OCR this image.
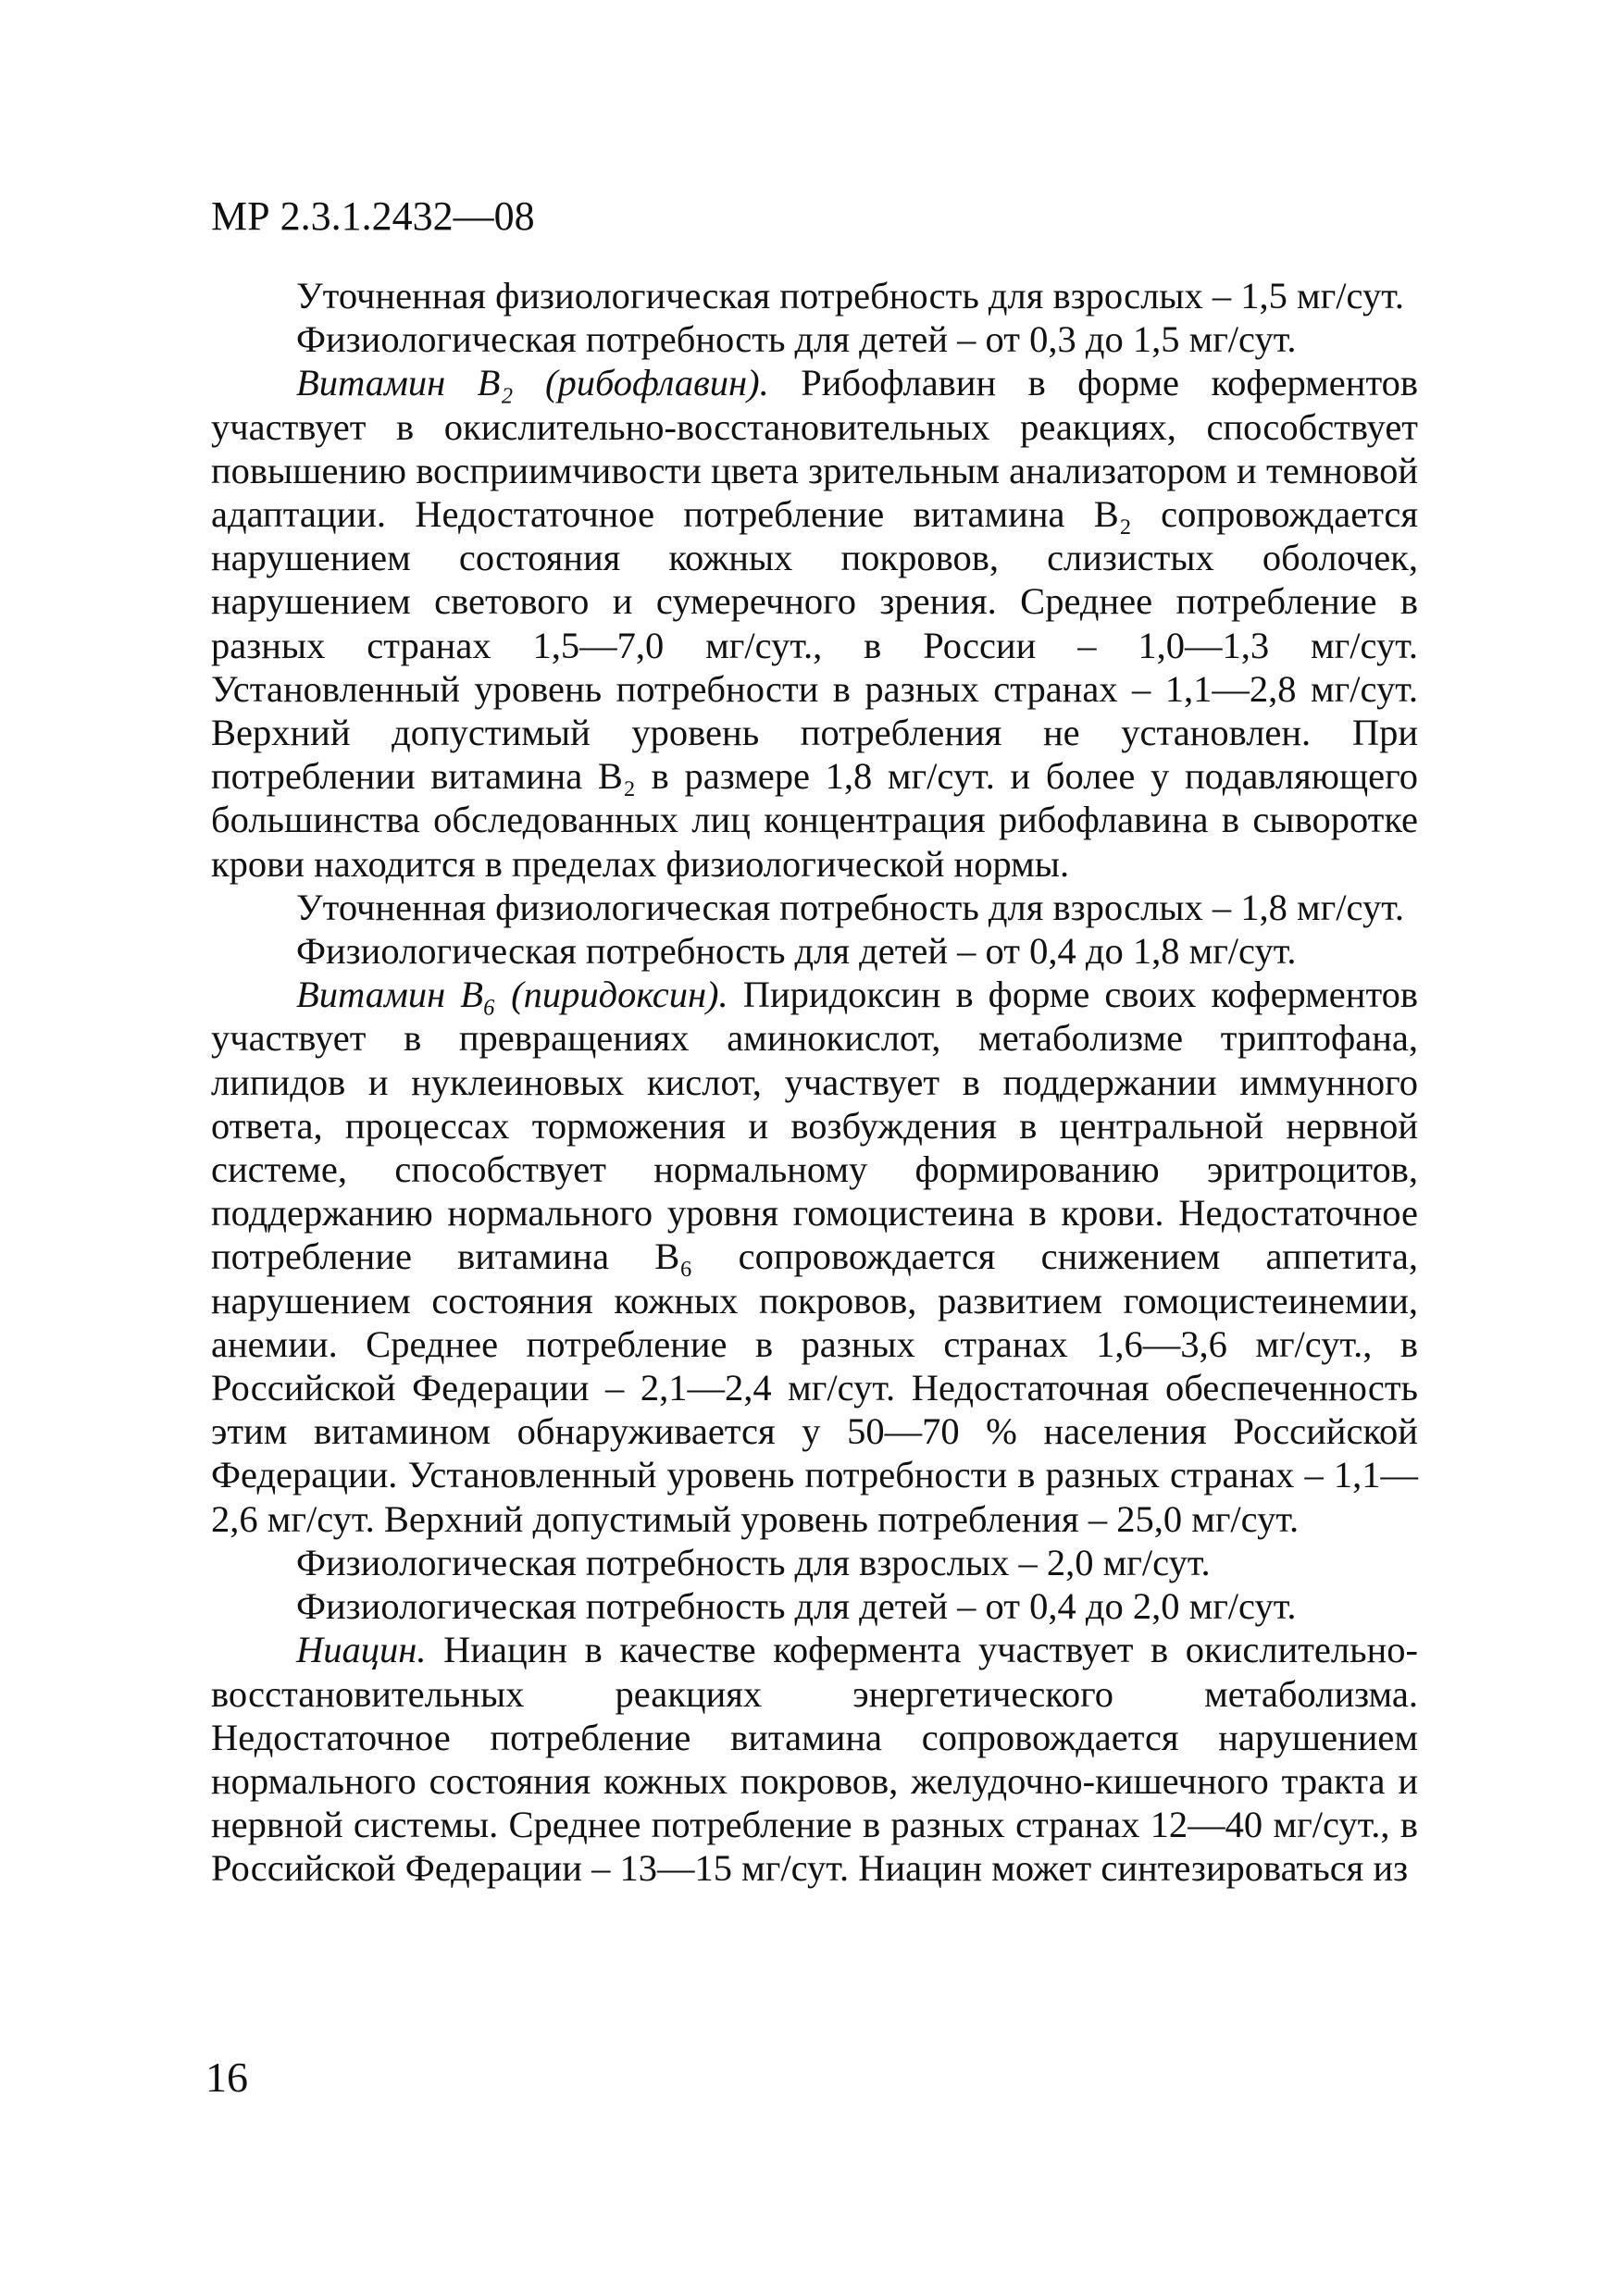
МР 2.3.1.2432—08

Уточненная физиологическая потребность для взрослых – 1,5 мг/сут.

Физиологическая потребность для детей – от 0,3 до 1,5 мг/сут.

Витамин B₂ (рибофлавин). Рибофлавин в форме коферментов участвует в окислительно-восстановительных реакциях, способствует повышению восприимчивости цвета зрительным анализатором и темновой адаптации. Недостаточное потребление витамина B₂ сопровождается нарушением состояния кожных покровов, слизистых оболочек, нарушением светового и сумеречного зрения. Среднее потребление в разных странах 1,5—7,0 мг/сут., в России – 1,0—1,3 мг/сут. Установленный уровень потребности в разных странах – 1,1—2,8 мг/сут. Верхний допустимый уровень потребления не установлен. При потреблении витамина B₂ в размере 1,8 мг/сут. и более у подавляющего большинства обследованных лиц концентрация рибофлавина в сыворотке крови находится в пределах физиологической нормы.

Уточненная физиологическая потребность для взрослых – 1,8 мг/сут.

Физиологическая потребность для детей – от 0,4 до 1,8 мг/сут.

Витамин B₆ (пиридоксин). Пиридоксин в форме своих коферментов участвует в превращениях аминокислот, метаболизме триптофана, липидов и нуклеиновых кислот, участвует в поддержании иммунного ответа, процессах торможения и возбуждения в центральной нервной системе, способствует нормальному формированию эритроцитов, поддержанию нормального уровня гомоцистеина в крови. Недостаточное потребление витамина B₆ сопровождается снижением аппетита, нарушением состояния кожных покровов, развитием гомоцистеинемии, анемии. Среднее потребление в разных странах 1,6—3,6 мг/сут., в Российской Федерации – 2,1—2,4 мг/сут. Недостаточная обеспеченность этим витамином обнаруживается у 50—70 % населения Российской Федерации. Установленный уровень потребности в разных странах – 1,1—2,6 мг/сут. Верхний допустимый уровень потребления – 25,0 мг/сут.

Физиологическая потребность для взрослых – 2,0 мг/сут.

Физиологическая потребность для детей – от 0,4 до 2,0 мг/сут.

Ниацин. Ниацин в качестве кофермента участвует в окислительно-восстановительных реакциях энергетического метаболизма. Недостаточное потребление витамина сопровождается нарушением нормального состояния кожных покровов, желудочно-кишечного тракта и нервной системы. Среднее потребление в разных странах 12—40 мг/сут., в Российской Федерации – 13—15 мг/сут. Ниацин может синтезироваться из

16
